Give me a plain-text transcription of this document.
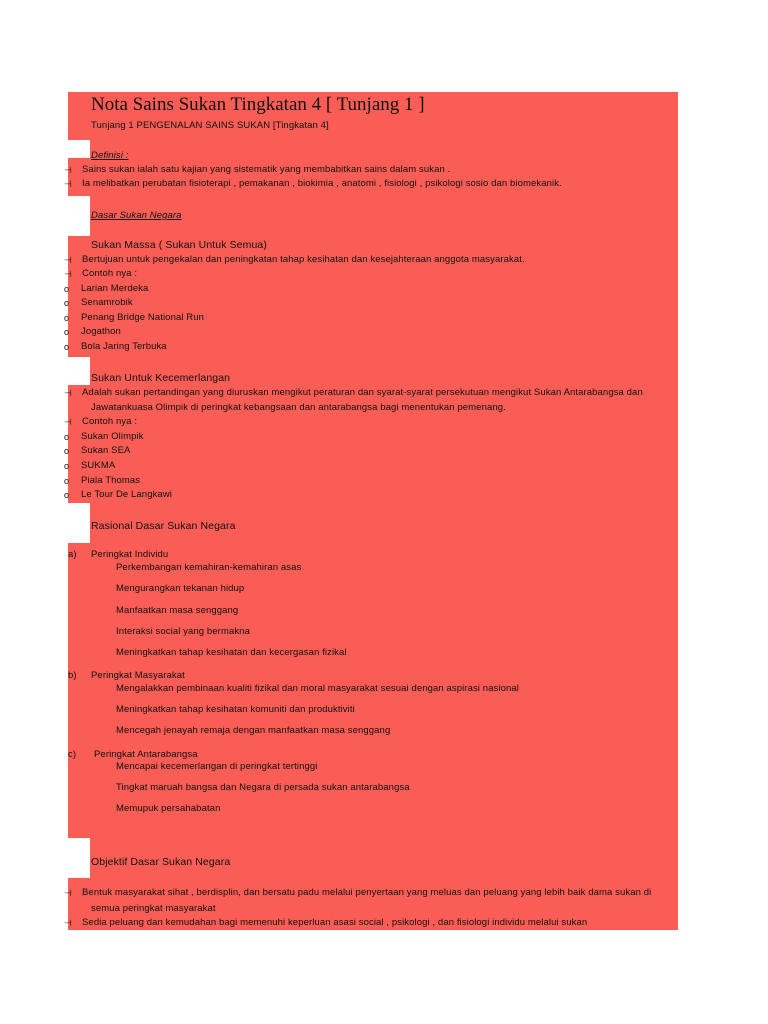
Nota Sains Sukan Tingkatan 4 [ Tunjang 1 ]
Tunjang 1 PENGENALAN SAINS SUKAN [Tingkatan 4]
Definisi :
⊣ Sains sukan ialah satu kajian yang sistematik yang membabitkan sains dalam sukan .
⊣ Ia melibatkan perubatan fisioterapi , pemakanan , biokimia , anatomi , fisiologi , psikologi sosio dan biomekanik.
Dasar Sukan Negara
Sukan Massa ( Sukan Untuk Semua)
⊣ Bertujuan untuk pengekalan dan peningkatan tahap kesihatan dan kesejahteraan anggota masyarakat.
⊣ Contoh nya :
o Larian Merdeka
o Senamrobik
o Penang Bridge National Run
o Jogathon
o Bola Jaring Terbuka
Sukan Untuk Kecemerlangan
⊣ Adalah sukan pertandingan yang diuruskan mengikut peraturan dan syarat-syarat persekutuan mengikut Sukan Antarabangsa dan
Jawatankuasa Olimpik di peringkat kebangsaan dan antarabangsa bagi menentukan pemenang.
⊣ Contoh nya :
o Sukan Olimpik
o Sukan SEA
o SUKMA
o Piala Thomas
o Le Tour De Langkawi
Rasional Dasar Sukan Negara
a) Peringkat Individu
Perkembangan kemahiran-kemahiran asas
Mengurangkan tekanan hidup
Manfaatkan masa senggang
Interaksi social yang bermakna
Meningkatkan tahap kesihatan dan kecergasan fizikal
b) Peringkat Masyarakat
Mengalakkan pembinaan kualiti fizikal dan moral masyarakat sesuai dengan aspirasi nasional
Meningkatkan tahap kesihatan komuniti dan produktiviti
Mencegah jenayah remaja dengan manfaatkan masa senggang
c) Peringkat Antarabangsa
Mencapai kecemerlangan di peringkat tertinggi
Tingkat maruah bangsa dan Negara di persada sukan antarabangsa
Memupuk persahabatan
Objektif Dasar Sukan Negara
⊣ Bentuk masyarakat sihat , berdisplin, dan bersatu padu melalui penyertaan yang meluas dan peluang yang lebih baik dama sukan di
semua peringkat masyarakat
⊣ Sedia peluang dan kemudahan bagi memenuhi keperluan asasi social , psikologi , dan fisiologi individu melalui sukan
